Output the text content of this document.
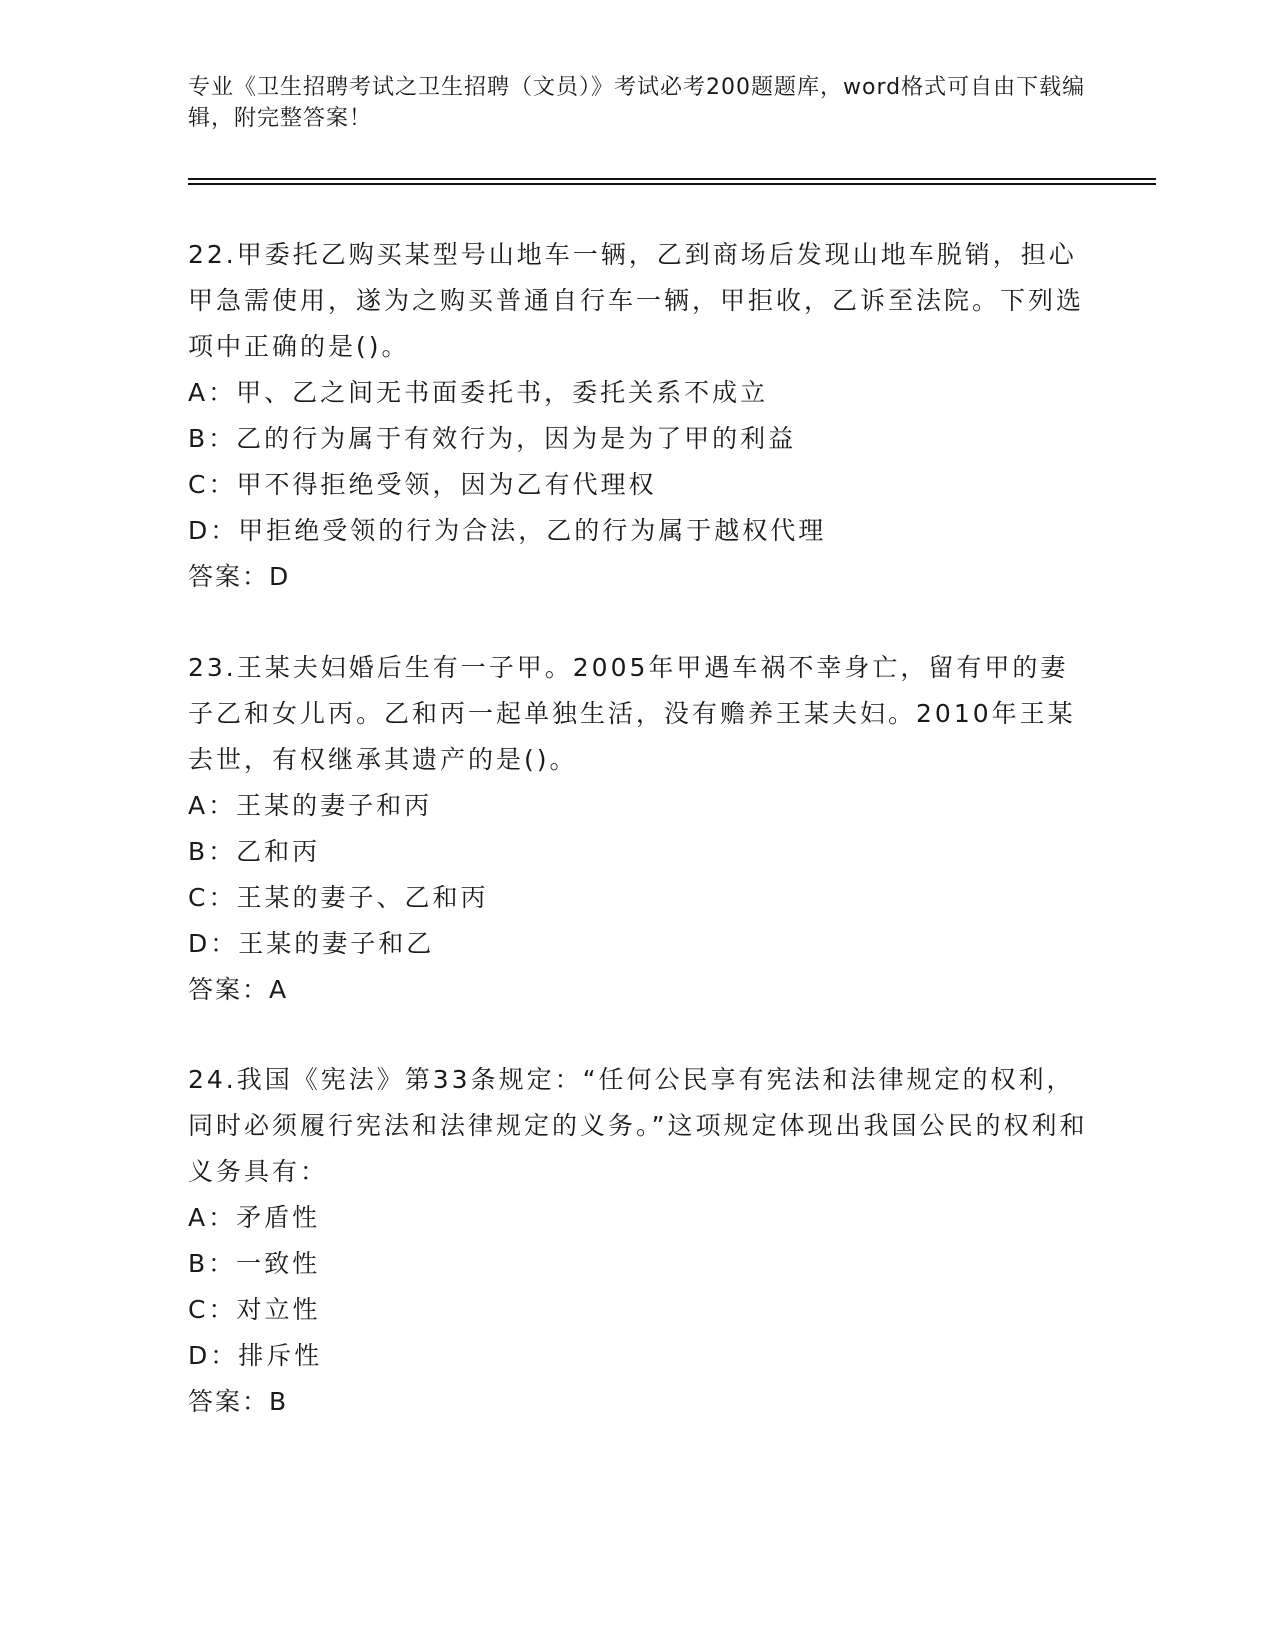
专业《卫生招聘考试之卫生招聘（文员）》考试必考200题题库，word格式可自由下载编辑，附完整答案！

22.甲委托乙购买某型号山地车一辆，乙到商场后发现山地车脱销，担心甲急需使用，遂为之购买普通自行车一辆，甲拒收，乙诉至法院。下列选项中正确的是()。

A：甲、乙之间无书面委托书，委托关系不成立

B：乙的行为属于有效行为，因为是为了甲的利益

C：甲不得拒绝受领，因为乙有代理权

D：甲拒绝受领的行为合法，乙的行为属于越权代理

答案：D

23.王某夫妇婚后生有一子甲。2005年甲遇车祸不幸身亡，留有甲的妻子乙和女儿丙。乙和丙一起单独生活，没有赡养王某夫妇。2010年王某去世，有权继承其遗产的是()。

A：王某的妻子和丙

B：乙和丙

C：王某的妻子、乙和丙

D：王某的妻子和乙

答案：A

24.我国《宪法》第33条规定：“任何公民享有宪法和法律规定的权利，同时必须履行宪法和法律规定的义务。”这项规定体现出我国公民的权利和义务具有：

A：矛盾性

B：一致性

C：对立性

D：排斥性

答案：B
